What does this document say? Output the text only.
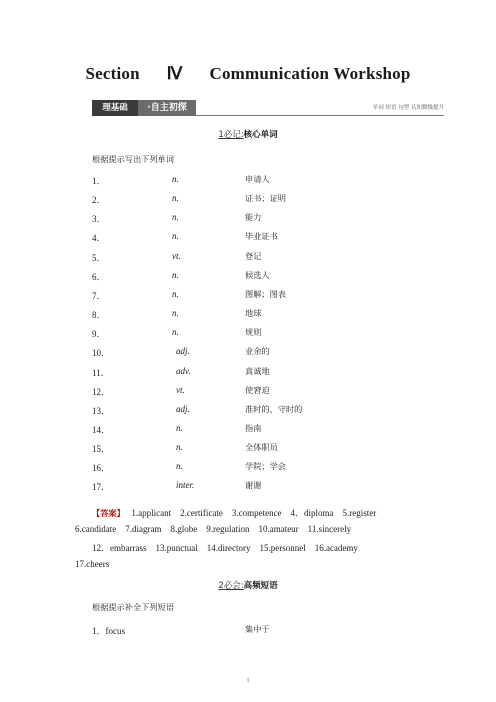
Section Ⅳ Communication Workshop
理基础	·自主初探	单词 短语 句型 认知微级提升
1必记:核心单词
根据提示写出下列单词
1．	n.	申请人
2．	n.	证书；证明
3．	n.	能力
4．	n.	毕业证书
5．	vt.	登记
6．	n.	候选人
7．	n.	图解；图表
8．	n.	地球
9．	n.	规则
10．	adj.	业余的
11．	adv.	真诚地
12．	vt.	使窘迫
13．	adj.	准时的，守时的
14．	n.	指南
15．	n.	全体职员
16．	n.	学院；学会
17．	inter.	谢谢
【答案】 1.applicant　2.certificate　3.competence　4．diploma　5.register
6.candidate　7.diagram　8.globe　9.regulation　10.amateur　11.sincerely
12．embarrass　13.punctual　14.directory　15.personnel　16.academy
17.cheers
2必会:高频短语
根据提示补全下列短语
1．focus	集中于
1
